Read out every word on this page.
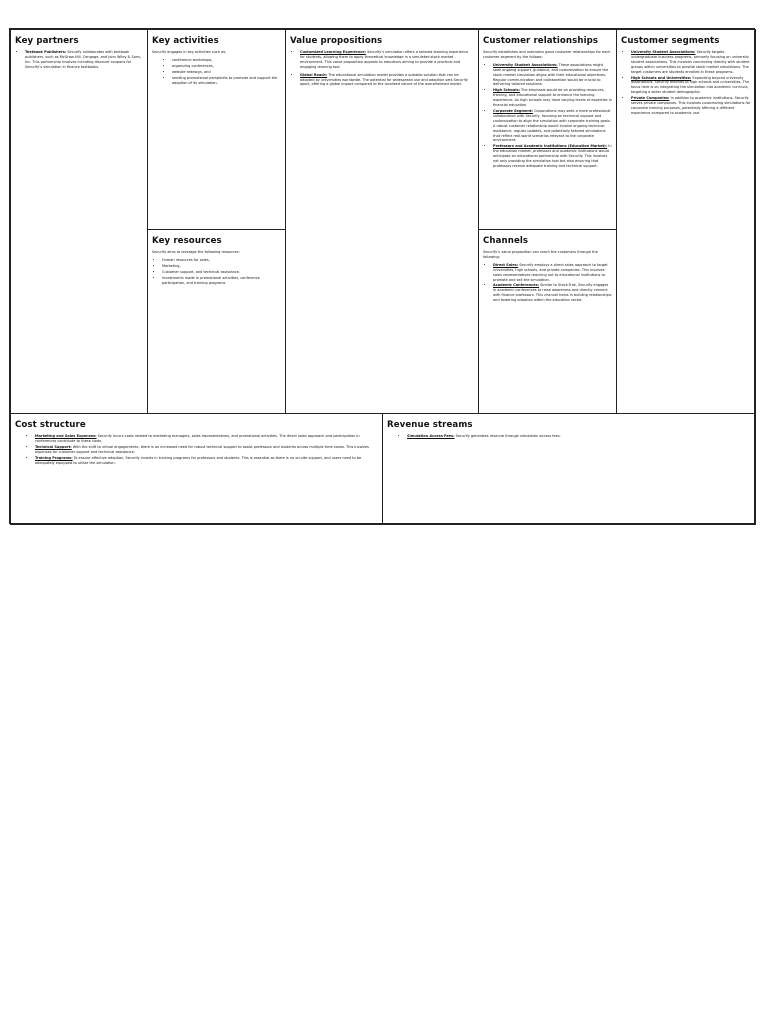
Key partners
• Textbook Publishers: Securify collaborates with textbook publishers, such as McGraw-Hill, Cengage, and John Wiley & Sons, Inc. This partnership involves including discount coupons for Securify’s simulation in finance textbooks.
Key activities

Securify engages in key activities such as:

• conference workshops,
• organizing conferences,
• website redesign, and
• sending promotional pamphlets to promote and support the adoption of its simulation.
Key resources

Securify aims to leverage the following resources:

• Human resources for sales,
• Marketing,
• Customer support, and technical assistance.
• Investments made in promotional activities, conference participation, and training programs
Value propositions
• Customized Learning Experience: Securify’s simulation offers a tailored learning experience for students, allowing them to apply theoretical knowledge in a simulated stock market environment. This value proposition appeals to educators aiming to provide a practical and engaging learning tool.
• Global Reach: The educational simulation model provides a scalable solution that can be adopted by universities worldwide. The potential for widespread use and adoption sets Securify apart, offering a global impact compared to the localized nature of the overwhelmed model.
Customer relationships

Securify establishes and maintains good customer relationships for each customer segment by the follows:

• University Student Associations: These associations might seek ongoing support, guidance, and customization to ensure the stock market simulation aligns with their educational objectives. Regular communication and collaboration would be crucial to delivering tailored solutions.
• High Schools: The emphasis would be on providing resources, training, and educational support to enhance the learning experience. As high schools may have varying levels of expertise in financial education.
• Corporate Segment: Corporations may seek a more professional collaboration with Securify, focusing on technical support and customization to align the simulation with corporate training goals. A robust customer relationship would involve ongoing technical assistance, regular updates, and potentially tailored simulations that reflect real-world scenarios relevant to the corporate environment.
• Professors and Academic Institutions (Education Market): In the education market, professors and academic institutions would anticipate an educational partnership with Securify. This involves not only providing the simulation tool but also ensuring that professors receive adequate training and technical support.
Channels

Securify’s value proposition can reach the customers through the following:

• Direct Sales: Securify employs a direct sales approach to target universities, high schools, and private companies. This involves sales representatives reaching out to educational institutions to promote and sell the simulation.
• Academic Conferences: Similar to Stock-Trak, Securify engages in academic conferences to raise awareness and directly connect with finance professors. This channel helps in building relationships and fostering adoption within the education sector.
Customer segments
• University Student Associations: Securify targets undergraduate business programs, primarily focusing on university student associations. This involves connecting directly with student groups within universities to provide stock market simulations. The target customers are students enrolled in these programs.
• High Schools and Universities: Expanding beyond university associations, Securify extends to high schools and universities. The focus here is on integrating the simulation into academic curricula, targeting a wider student demographic.
• Private Companies: In addition to academic institutions, Securify serves private companies. This involves customizing simulations for corporate training purposes, potentially offering a different experience compared to academic use.
Cost structure
• Marketing and Sales Expenses: Securify incurs costs related to marketing managers, sales representatives, and promotional activities. The direct sales approach and participation in conferences contribute to these costs.
• Technical Support: With the shift to virtual engagements, there is an increased need for robust technical support to assist professors and students across multiple time zones. This involves expenses for customer support and technical assistance.
• Training Programs: To ensure effective adoption, Securify invests in training programs for professors and students. This is essential as there is no on-site support, and users need to be adequately equipped to utilize the simulation.
Revenue streams
• Simulation Access Fees: Securify generates revenue through simulation access fees.
